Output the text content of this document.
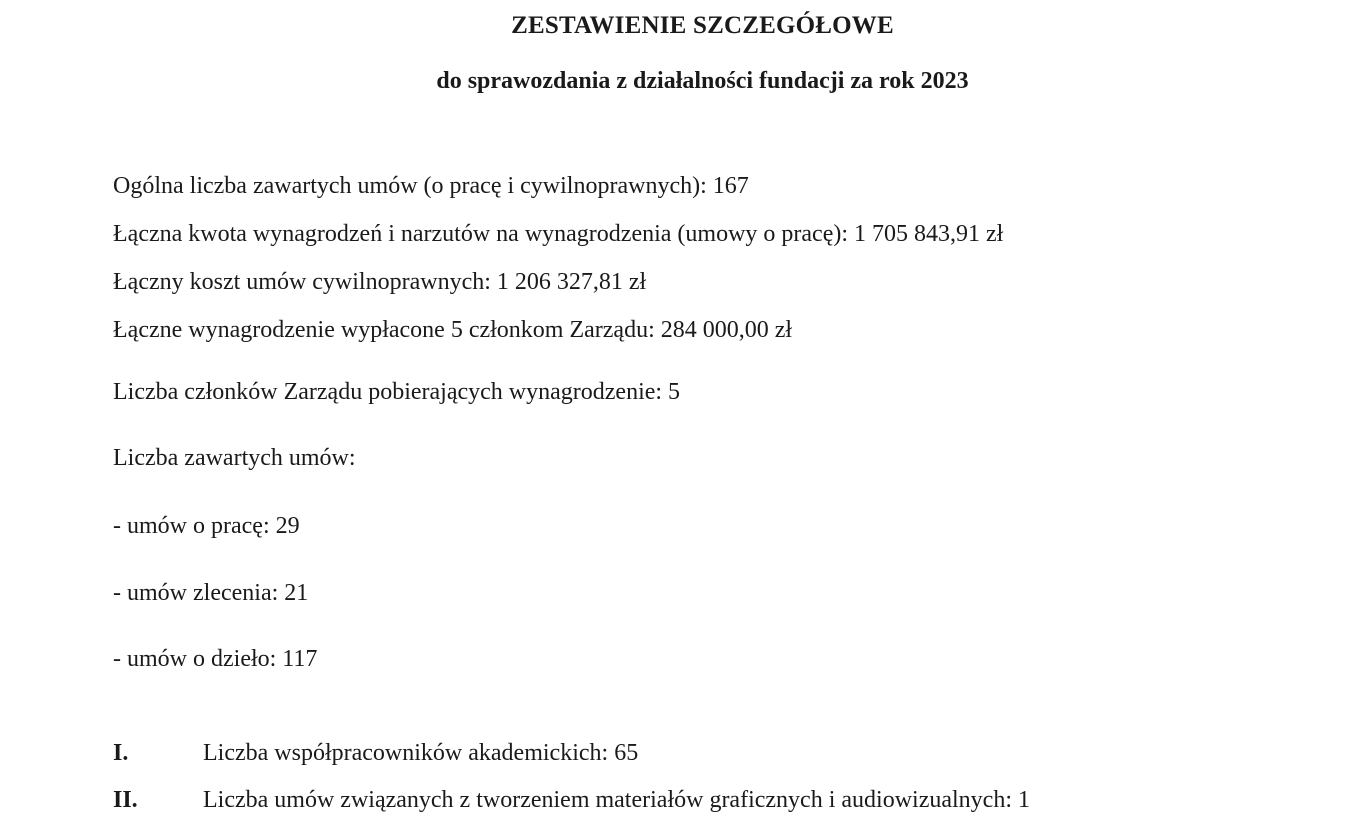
ZESTAWIENIE SZCZEGÓŁOWE
do sprawozdania z działalności fundacji za rok 2023
Ogólna liczba zawartych umów (o pracę i cywilnoprawnych): 167
Łączna kwota wynagrodzeń i narzutów na wynagrodzenia (umowy o pracę): 1 705 843,91 zł
Łączny koszt umów cywilnoprawnych: 1 206 327,81 zł
Łączne wynagrodzenie wypłacone 5 członkom Zarządu: 284 000,00 zł
Liczba członków Zarządu pobierających wynagrodzenie: 5
Liczba zawartych umów:
- umów o pracę: 29
- umów zlecenia: 21
- umów o dzieło: 117
I.	Liczba współpracowników akademickich: 65
II.	Liczba umów związanych z tworzeniem materiałów graficznych i audiowizualnych: 1
